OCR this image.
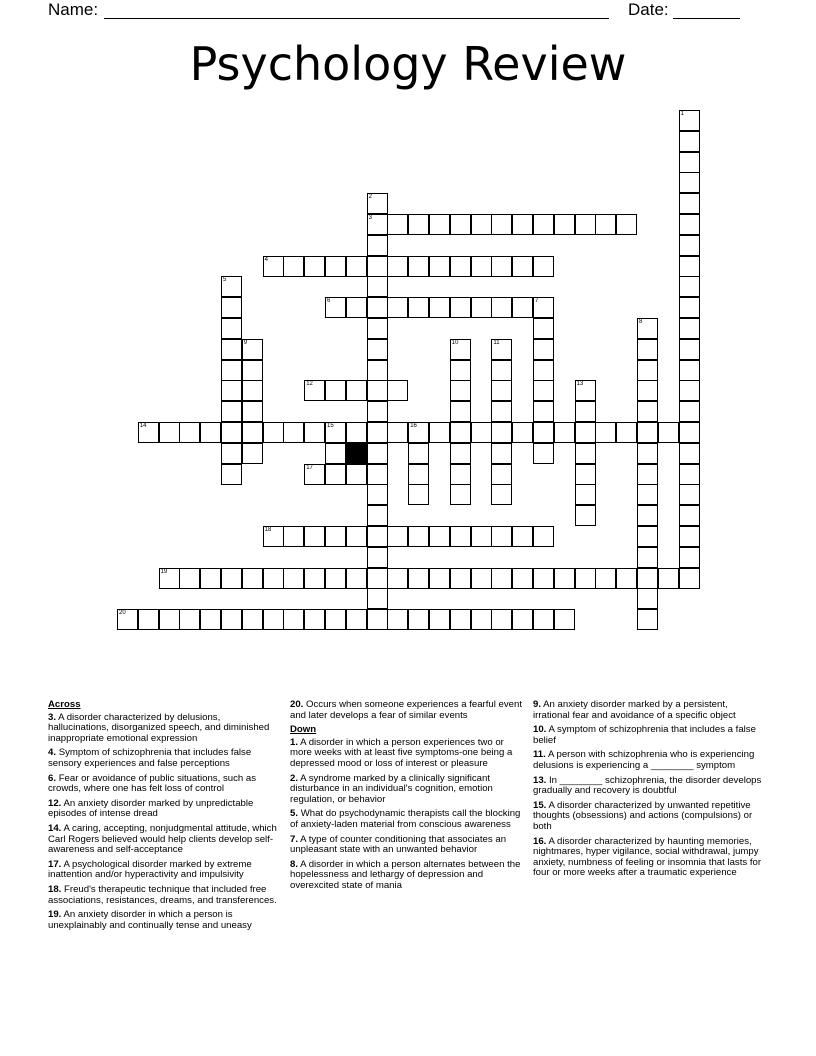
Name:	Date:
Psychology Review
3
4
6	7
12
14	15	16
17
18
19
20
1
2
5
8
9	10	11
13
Across
3. A disorder characterized by delusions, hallucinations, disorganized speech, and diminished inappropriate emotional expression
4. Symptom of schizophrenia that includes false sensory experiences and false perceptions
6. Fear or avoidance of public situations, such as crowds, where one has felt loss of control
12. An anxiety disorder marked by unpredictable episodes of intense dread
14. A caring, accepting, nonjudgmental attitude, which Carl Rogers believed would help clients develop self-awareness and self-acceptance
17. A psychological disorder marked by extreme inattention and/or hyperactivity and impulsivity
18. Freud's therapeutic technique that included free associations, resistances, dreams, and transferences.
19. An anxiety disorder in which a person is unexplainably and continually tense and uneasy
20. Occurs when someone experiences a fearful event and later develops a fear of similar events
Down
1. A disorder in which a person experiences two or more weeks with at least five symptoms-one being a depressed mood or loss of interest or pleasure
2. A syndrome marked by a clinically significant disturbance in an individual's cognition, emotion regulation, or behavior
5. What do psychodynamic therapists call the blocking of anxiety-laden material from conscious awareness
7. A type of counter conditioning that associates an unpleasant state with an unwanted behavior
8. A disorder in which a person alternates between the hopelessness and lethargy of depression and overexcited state of mania
9. An anxiety disorder marked by a persistent, irrational fear and avoidance of a specific object
10. A symptom of schizophrenia that includes a false belief
11. A person with schizophrenia who is experiencing delusions is experiencing a ________ symptom
13. In ________ schizophrenia, the disorder develops gradually and recovery is doubtful
15. A disorder characterized by unwanted repetitive thoughts (obsessions) and actions (compulsions) or both
16. A disorder characterized by haunting memories, nightmares, hyper vigilance, social withdrawal, jumpy anxiety, numbness of feeling or insomnia that lasts for four or more weeks after a traumatic experience
